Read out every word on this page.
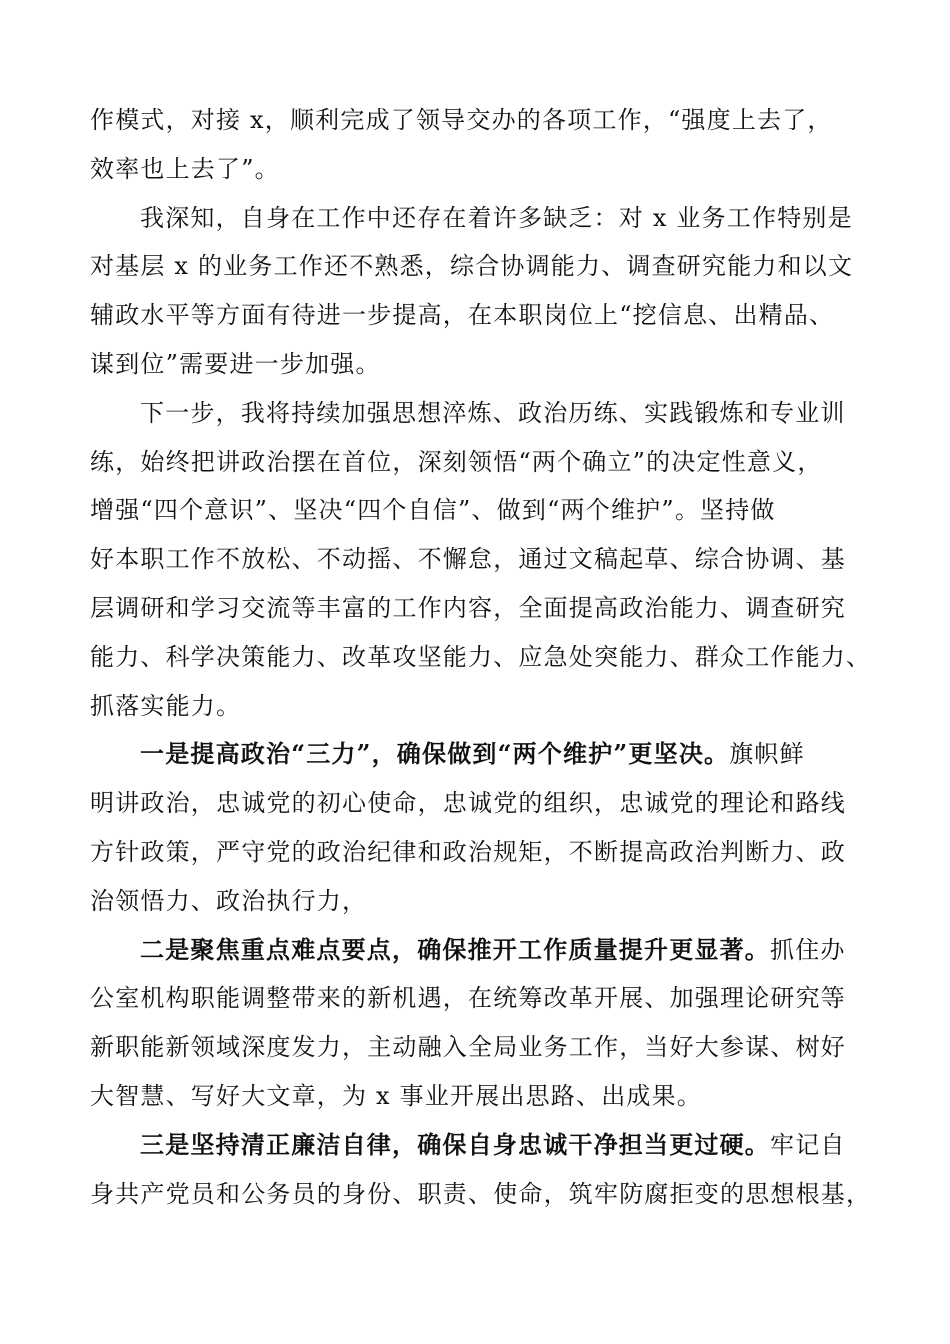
作模式，对接 x，顺利完成了领导交办的各项工作，“强度上去了，
效率也上去了”。
我深知，自身在工作中还存在着许多缺乏：对 x 业务工作特别是
对基层 x 的业务工作还不熟悉，综合协调能力、调查研究能力和以文
辅政水平等方面有待进一步提高，在本职岗位上“挖信息、出精品、
谋到位”需要进一步加强。
下一步，我将持续加强思想淬炼、政治历练、实践锻炼和专业训
练，始终把讲政治摆在首位，深刻领悟“两个确立”的决定性意义，
增强“四个意识”、坚决“四个自信”、做到“两个维护”。坚持做
好本职工作不放松、不动摇、不懈怠，通过文稿起草、综合协调、基
层调研和学习交流等丰富的工作内容，全面提高政治能力、调查研究
能力、科学决策能力、改革攻坚能力、应急处突能力、群众工作能力、
抓落实能力。
一是提高政治“三力”，确保做到“两个维护”更坚决。旗帜鲜
明讲政治，忠诚党的初心使命，忠诚党的组织，忠诚党的理论和路线
方针政策，严守党的政治纪律和政治规矩，不断提高政治判断力、政
治领悟力、政治执行力，
二是聚焦重点难点要点，确保推开工作质量提升更显著。抓住办
公室机构职能调整带来的新机遇，在统筹改革开展、加强理论研究等
新职能新领域深度发力，主动融入全局业务工作，当好大参谋、树好
大智慧、写好大文章，为 x 事业开展出思路、出成果。
三是坚持清正廉洁自律，确保自身忠诚干净担当更过硬。牢记自
身共产党员和公务员的身份、职责、使命，筑牢防腐拒变的思想根基，
